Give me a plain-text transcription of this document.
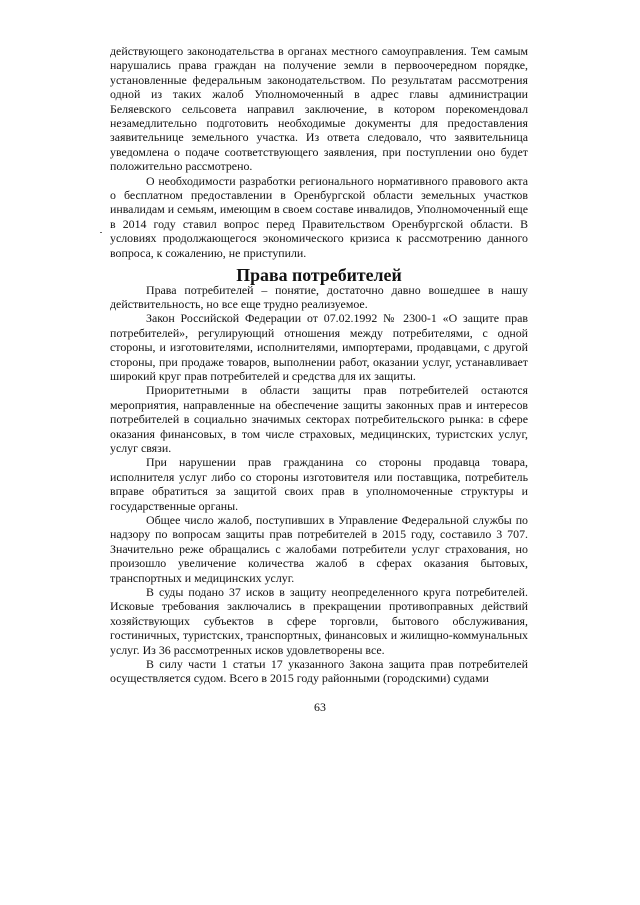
действующего законодательства в органах местного самоуправления. Тем самым нарушались права граждан на получение земли в первоочередном порядке, установленные федеральным законодательством. По результатам рассмотрения одной из таких жалоб Уполномоченный в адрес главы администрации Беляевского сельсовета направил заключение, в котором порекомендовал незамедлительно подготовить необходимые документы для предоставления заявительнице земельного участка. Из ответа следовало, что заявительница уведомлена о подаче соответствующего заявления, при поступлении оно будет положительно рассмотрено.

О необходимости разработки регионального нормативного правового акта о бесплатном предоставлении в Оренбургской области земельных участков инвалидам и семьям, имеющим в своем составе инвалидов, Уполномоченный еще в 2014 году ставил вопрос перед Правительством Оренбургской области. В условиях продолжающегося экономического кризиса к рассмотрению данного вопроса, к сожалению, не приступили.

Права потребителей

Права потребителей – понятие, достаточно давно вошедшее в нашу действительность, но все еще трудно реализуемое.

Закон Российской Федерации от 07.02.1992 № 2300-1 «О защите прав потребителей», регулирующий отношения между потребителями, с одной стороны, и изготовителями, исполнителями, импортерами, продавцами, с другой стороны, при продаже товаров, выполнении работ, оказании услуг, устанавливает широкий круг прав потребителей и средства для их защиты.

Приоритетными в области защиты прав потребителей остаются мероприятия, направленные на обеспечение защиты законных прав и интересов потребителей в социально значимых секторах потребительского рынка: в сфере оказания финансовых, в том числе страховых, медицинских, туристских услуг, услуг связи.

При нарушении прав гражданина со стороны продавца товара, исполнителя услуг либо со стороны изготовителя или поставщика, потребитель вправе обратиться за защитой своих прав в уполномоченные структуры и государственные органы.

Общее число жалоб, поступивших в Управление Федеральной службы по надзору по вопросам защиты прав потребителей в 2015 году, составило 3 707. Значительно реже обращались с жалобами потребители услуг страхования, но произошло увеличение количества жалоб в сферах оказания бытовых, транспортных и медицинских услуг.

В суды подано 37 исков в защиту неопределенного круга потребителей. Исковые требования заключались в прекращении противоправных действий хозяйствующих субъектов в сфере торговли, бытового обслуживания, гостиничных, туристских, транспортных, финансовых и жилищно-коммунальных услуг. Из 36 рассмотренных исков удовлетворены все.

В силу части 1 статьи 17 указанного Закона защита прав потребителей осуществляется судом. Всего в 2015 году районными (городскими) судами

63
